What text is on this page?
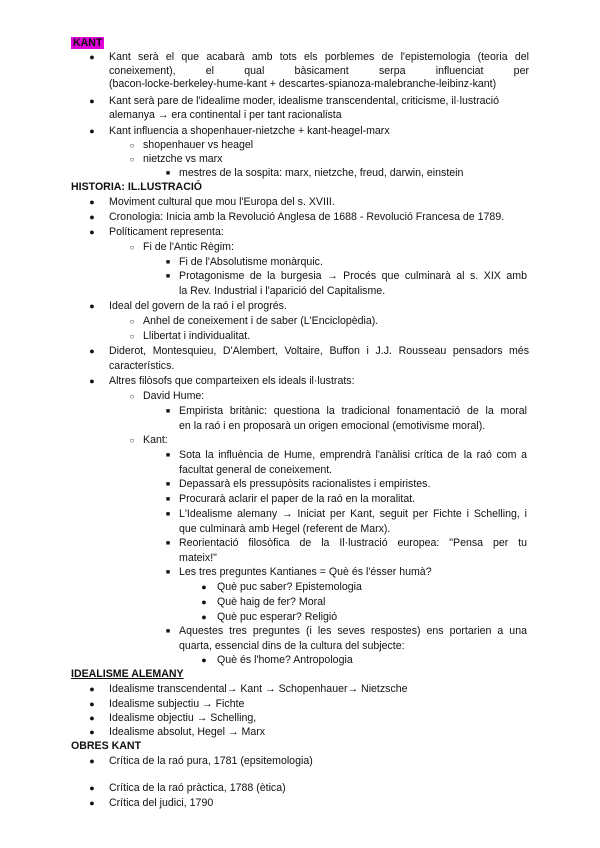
KANT
● Kant serà el que acabarà amb tots els porblemes de l'epistemologia (teoria del
coneixement), el qual bàsicament serpa influenciat per
(bacon-locke-berkeley-hume-kant + descartes-spianoza-malebranche-leibinz-kant)
● Kant serà pare de l'idealime moder, idealisme transcendental, criticisme, il·lustració
alemanya → era continental i per tant racionalista
● Kant influencia a shopenhauer-nietzche + kant-heagel-marx
○ shopenhauer vs heagel
○ nietzche vs marx
■ mestres de la sospita: marx, nietzche, freud, darwin, einstein
HISTORIA: IL.LUSTRACIÓ
● Moviment cultural que mou l'Europa del s. XVIII.
● Cronologia: Inicia amb la Revolució Anglesa de 1688 - Revolució Francesa de 1789.
● Políticament representa:
○ Fi de l'Antic Règim:
■ Fi de l'Absolutisme monàrquic.
■ Protagonisme de la burgesia → Procés que culminarà al s. XIX amb
la Rev. Industrial i l'aparició del Capitalisme.
● Ideal del govern de la raó i el progrés.
○ Anhel de coneixement i de saber (L'Enciclopèdia).
○ Llibertat i individualitat.
● Diderot, Montesquieu, D'Alembert, Voltaire, Buffon i J.J. Rousseau pensadors més
característics.
● Altres filòsofs que comparteixen els ideals il·lustrats:
○ David Hume:
■ Empirista britànic: questiona la tradicional fonamentació de la moral
en la raó i en proposarà un origen emocional (emotivisme moral).
○ Kant:
■ Sota la influència de Hume, emprendrà l'anàlisi crítica de la raó com a
facultat general de coneixement.
■ Depassarà els pressupòsits racionalistes i empiristes.
■ Procurarà aclarir el paper de la raó en la moralitat.
■ L'Idealisme alemany → Iniciat per Kant, seguit per Fichte i Schelling, i
que culminarà amb Hegel (referent de Marx).
■ Reorientació filosòfica de la Il·lustració europea: "Pensa per tu
mateix!"
■ Les tres preguntes Kantianes = Què és l'ésser humà?
● Què puc saber? Epistemologia
● Què haig de fer? Moral
● Què puc esperar? Religió
■ Aquestes tres preguntes (i les seves respostes) ens portarien a una
quarta, essencial dins de la cultura del subjecte:
● Què és l'home? Antropologia
IDEALISME ALEMANY
● Idealisme transcendental→ Kant → Schopenhauer→ Nietzsche
● Idealisme subjectiu → Fichte
● Idealisme objectiu → Schelling,
● Idealisme absolut, Hegel → Marx
OBRES KANT
● Crítica de la raó pura, 1781 (epsitemologia)
● Crítica de la raó pràctica, 1788 (ètica)
● Crítica del judici, 1790
